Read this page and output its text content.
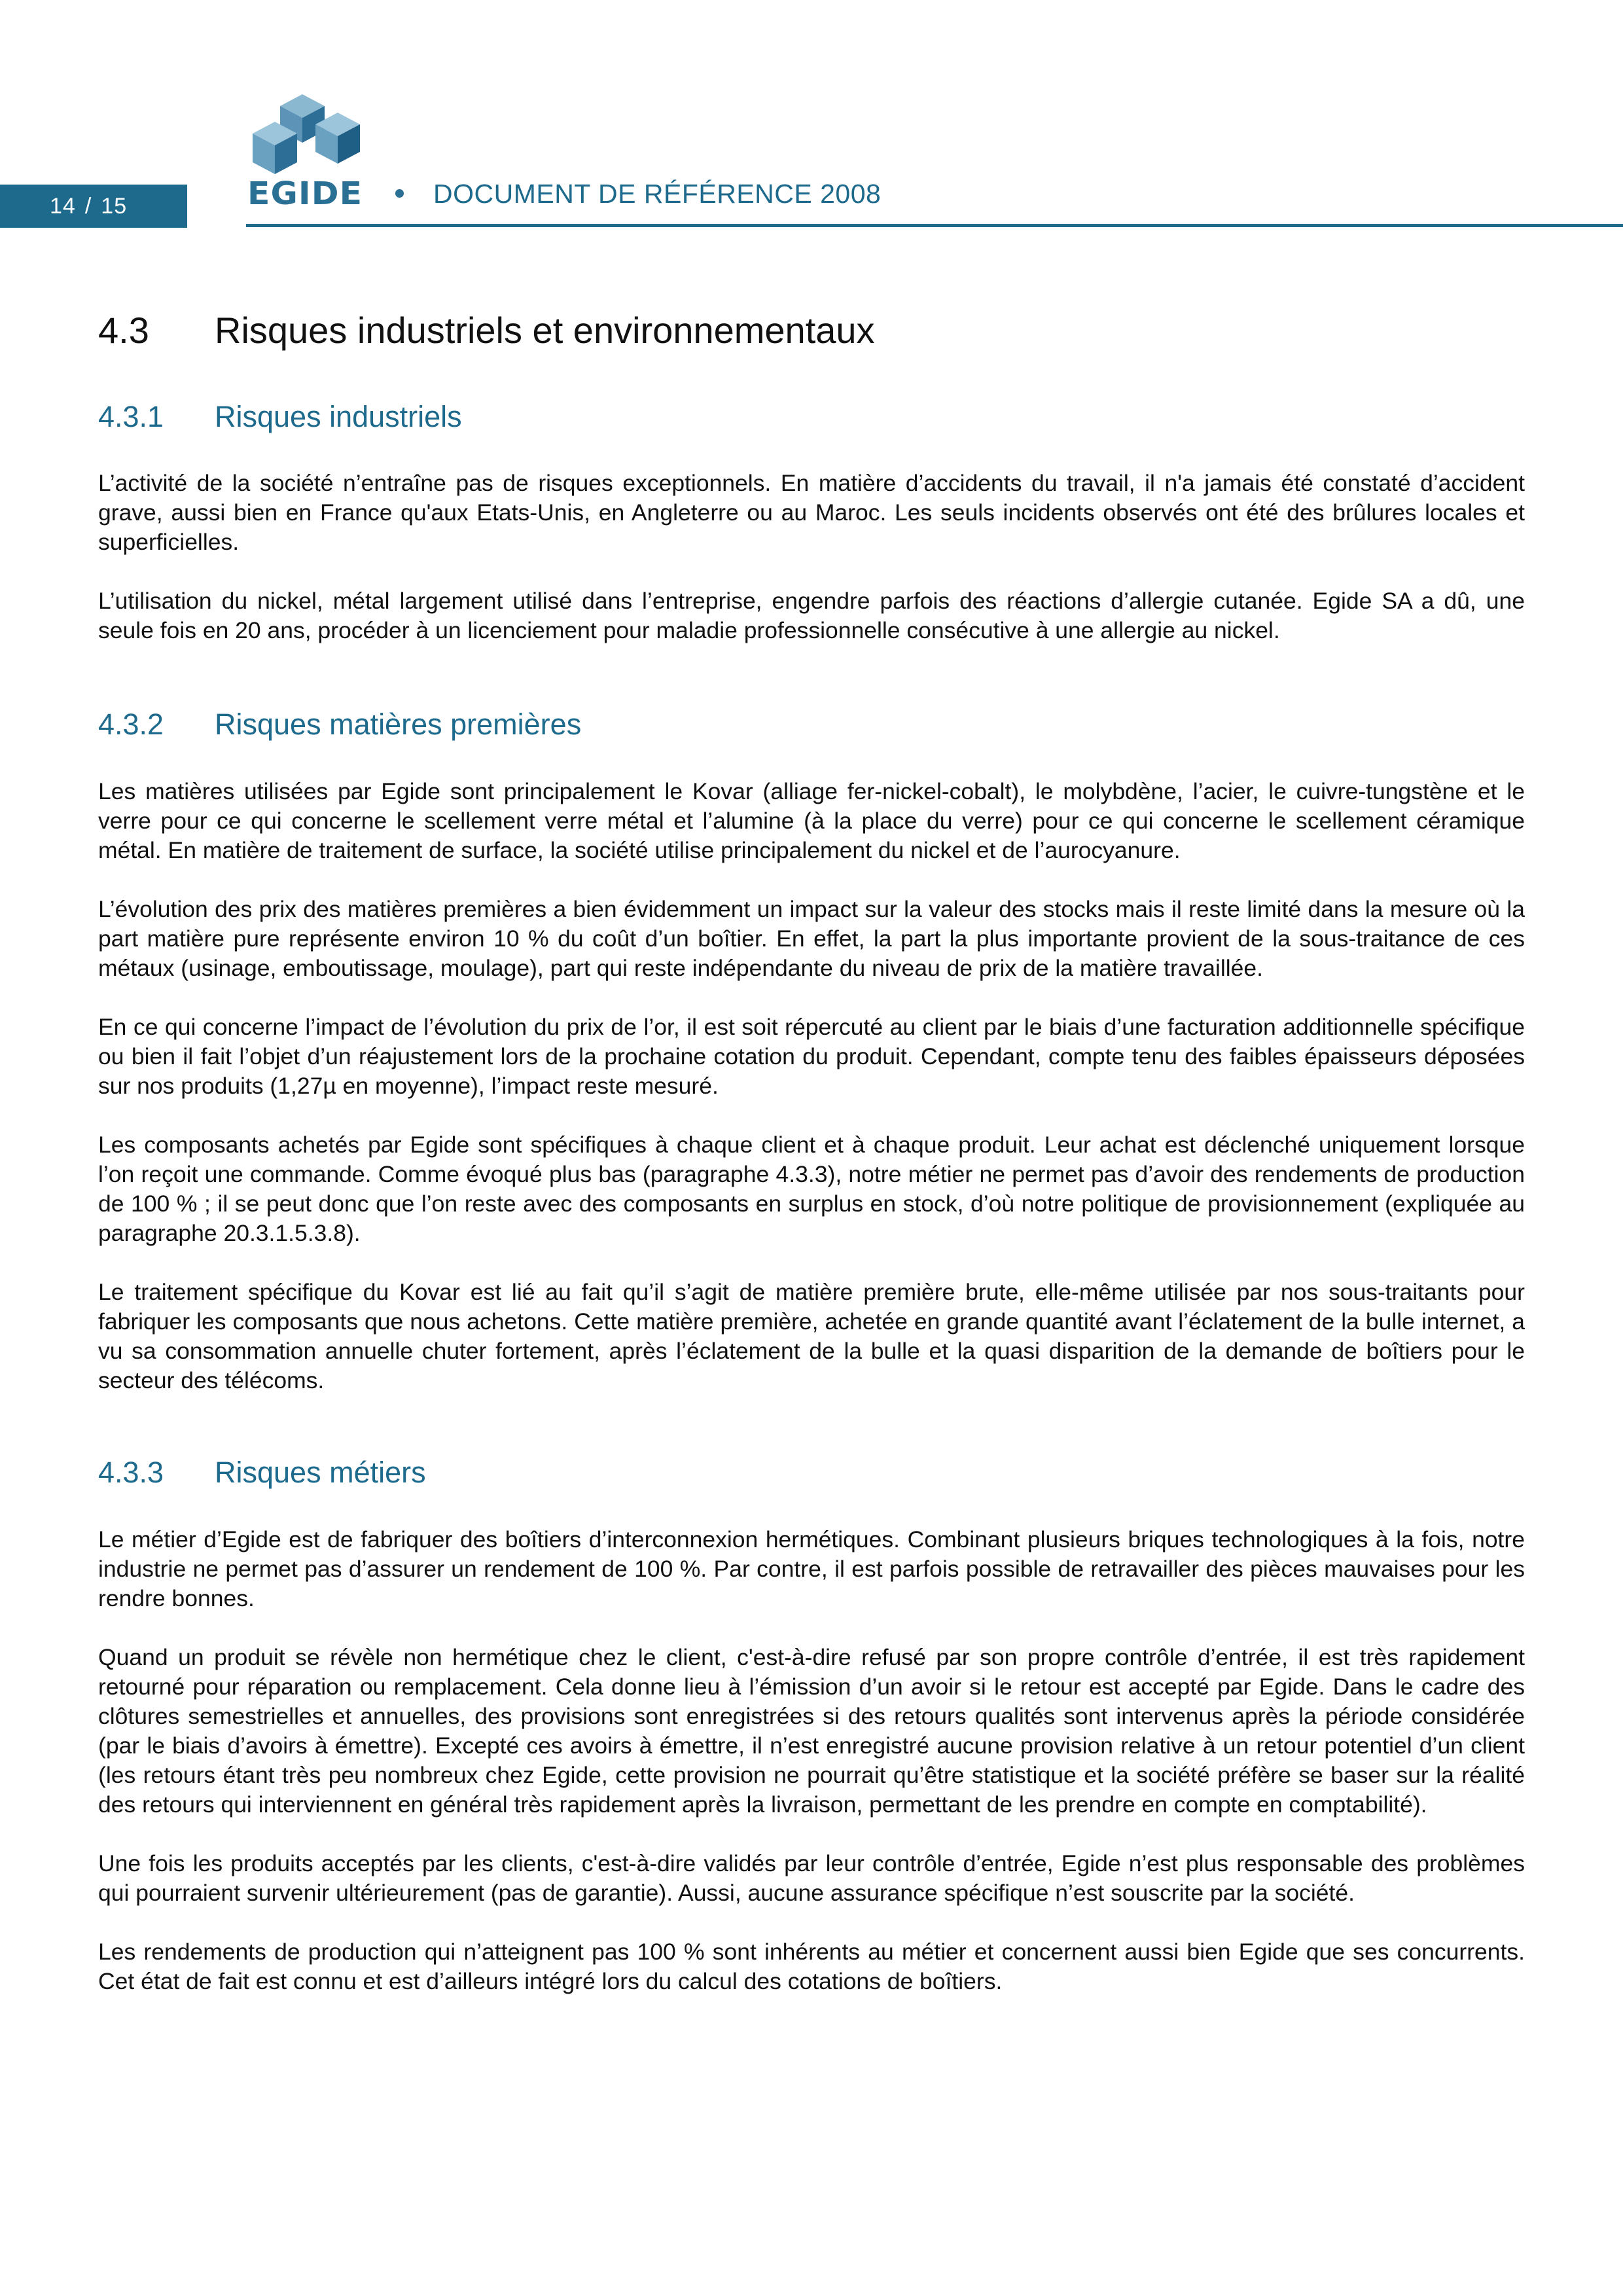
14 / 15	EGIDE	DOCUMENT DE RÉFÉRENCE 2008
4.3 Risques industriels et environnementaux
4.3.1 Risques industriels
L’activité de la société n’entraîne pas de risques exceptionnels. En matière d’accidents du travail, il n'a jamais été constaté d’accident grave, aussi bien en France qu'aux Etats-Unis, en Angleterre ou au Maroc. Les seuls incidents observés ont été des brûlures locales et superficielles.
L’utilisation du nickel, métal largement utilisé dans l’entreprise, engendre parfois des réactions d’allergie cutanée. Egide SA a dû, une seule fois en 20 ans, procéder à un licenciement pour maladie professionnelle consécutive à une allergie au nickel.
4.3.2 Risques matières premières
Les matières utilisées par Egide sont principalement le Kovar (alliage fer-nickel-cobalt), le molybdène, l’acier, le cuivre-tungstène et le verre pour ce qui concerne le scellement verre métal et l’alumine (à la place du verre) pour ce qui concerne le scellement céramique métal. En matière de traitement de surface, la société utilise principalement du nickel et de l’aurocyanure.
L’évolution des prix des matières premières a bien évidemment un impact sur la valeur des stocks mais il reste limité dans la mesure où la part matière pure représente environ 10 % du coût d’un boîtier. En effet, la part la plus importante provient de la sous-traitance de ces métaux (usinage, emboutissage, moulage), part qui reste indépendante du niveau de prix de la matière travaillée.
En ce qui concerne l’impact de l’évolution du prix de l’or, il est soit répercuté au client par le biais d’une facturation additionnelle spécifique ou bien il fait l’objet d’un réajustement lors de la prochaine cotation du produit. Cependant, compte tenu des faibles épaisseurs déposées sur nos produits (1,27µ en moyenne), l’impact reste mesuré.
Les composants achetés par Egide sont spécifiques à chaque client et à chaque produit. Leur achat est déclenché uniquement lorsque l’on reçoit une commande. Comme évoqué plus bas (paragraphe 4.3.3), notre métier ne permet pas d’avoir des rendements de production de 100 % ; il se peut donc que l’on reste avec des composants en surplus en stock, d’où notre politique de provisionnement (expliquée au paragraphe 20.3.1.5.3.8).
Le traitement spécifique du Kovar est lié au fait qu’il s’agit de matière première brute, elle-même utilisée par nos sous-traitants pour fabriquer les composants que nous achetons. Cette matière première, achetée en grande quantité avant l’éclatement de la bulle internet, a vu sa consommation annuelle chuter fortement, après l’éclatement de la bulle et la quasi disparition de la demande de boîtiers pour le secteur des télécoms.
4.3.3 Risques métiers
Le métier d’Egide est de fabriquer des boîtiers d’interconnexion hermétiques. Combinant plusieurs briques technologiques à la fois, notre industrie ne permet pas d’assurer un rendement de 100 %. Par contre, il est parfois possible de retravailler des pièces mauvaises pour les rendre bonnes.
Quand un produit se révèle non hermétique chez le client, c'est-à-dire refusé par son propre contrôle d’entrée, il est très rapidement retourné pour réparation ou remplacement. Cela donne lieu à l’émission d’un avoir si le retour est accepté par Egide. Dans le cadre des clôtures semestrielles et annuelles, des provisions sont enregistrées si des retours qualités sont intervenus après la période considérée (par le biais d’avoirs à émettre). Excepté ces avoirs à émettre, il n’est enregistré aucune provision relative à un retour potentiel d’un client (les retours étant très peu nombreux chez Egide, cette provision ne pourrait qu’être statistique et la société préfère se baser sur la réalité des retours qui interviennent en général très rapidement après la livraison, permettant de les prendre en compte en comptabilité).
Une fois les produits acceptés par les clients, c'est-à-dire validés par leur contrôle d’entrée, Egide n’est plus responsable des problèmes qui pourraient survenir ultérieurement (pas de garantie). Aussi, aucune assurance spécifique n’est souscrite par la société.
Les rendements de production qui n’atteignent pas 100 % sont inhérents au métier et concernent aussi bien Egide que ses concurrents. Cet état de fait est connu et est d’ailleurs intégré lors du calcul des cotations de boîtiers.
